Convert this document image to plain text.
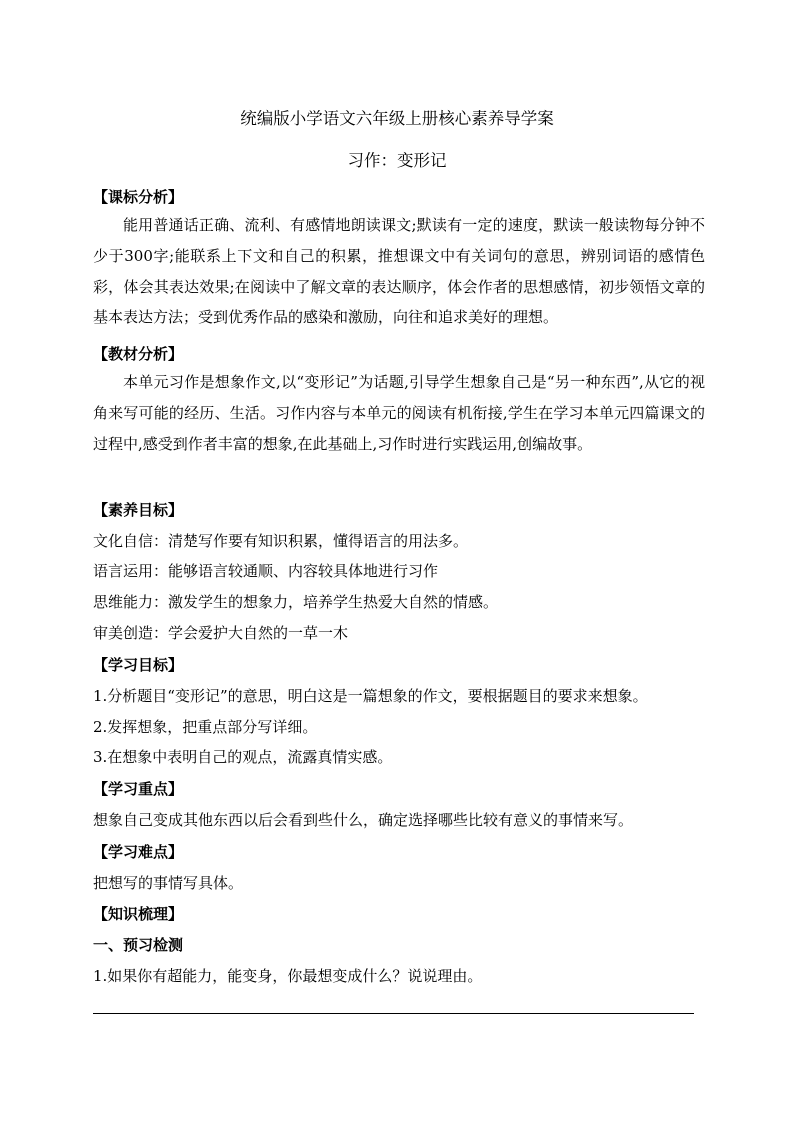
统编版小学语文六年级上册核心素养导学案
习作：变形记
【课标分析】
能用普通话正确、流利、有感情地朗读课文;默读有一定的速度，默读一般读物每分钟不少于300字;能联系上下文和自己的积累，推想课文中有关词句的意思，辨别词语的感情色彩，体会其表达效果;在阅读中了解文章的表达顺序，体会作者的思想感情，初步领悟文章的基本表达方法；受到优秀作品的感染和激励，向往和追求美好的理想。
【教材分析】
本单元习作是想象作文,以“变形记”为话题,引导学生想象自己是“另一种东西”,从它的视角来写可能的经历、生活。习作内容与本单元的阅读有机衔接,学生在学习本单元四篇课文的过程中,感受到作者丰富的想象,在此基础上,习作时进行实践运用,创编故事。
【素养目标】
文化自信：清楚写作要有知识积累，懂得语言的用法多。
语言运用：能够语言较通顺、内容较具体地进行习作
思维能力：激发学生的想象力，培养学生热爱大自然的情感。
审美创造：学会爱护大自然的一草一木
【学习目标】
1.分析题目“变形记”的意思，明白这是一篇想象的作文，要根据题目的要求来想象。
2.发挥想象，把重点部分写详细。
3.在想象中表明自己的观点，流露真情实感。
【学习重点】
想象自己变成其他东西以后会看到些什么，确定选择哪些比较有意义的事情来写。
【学习难点】
把想写的事情写具体。
【知识梳理】
一、预习检测
1.如果你有超能力，能变身，你最想变成什么？说说理由。
